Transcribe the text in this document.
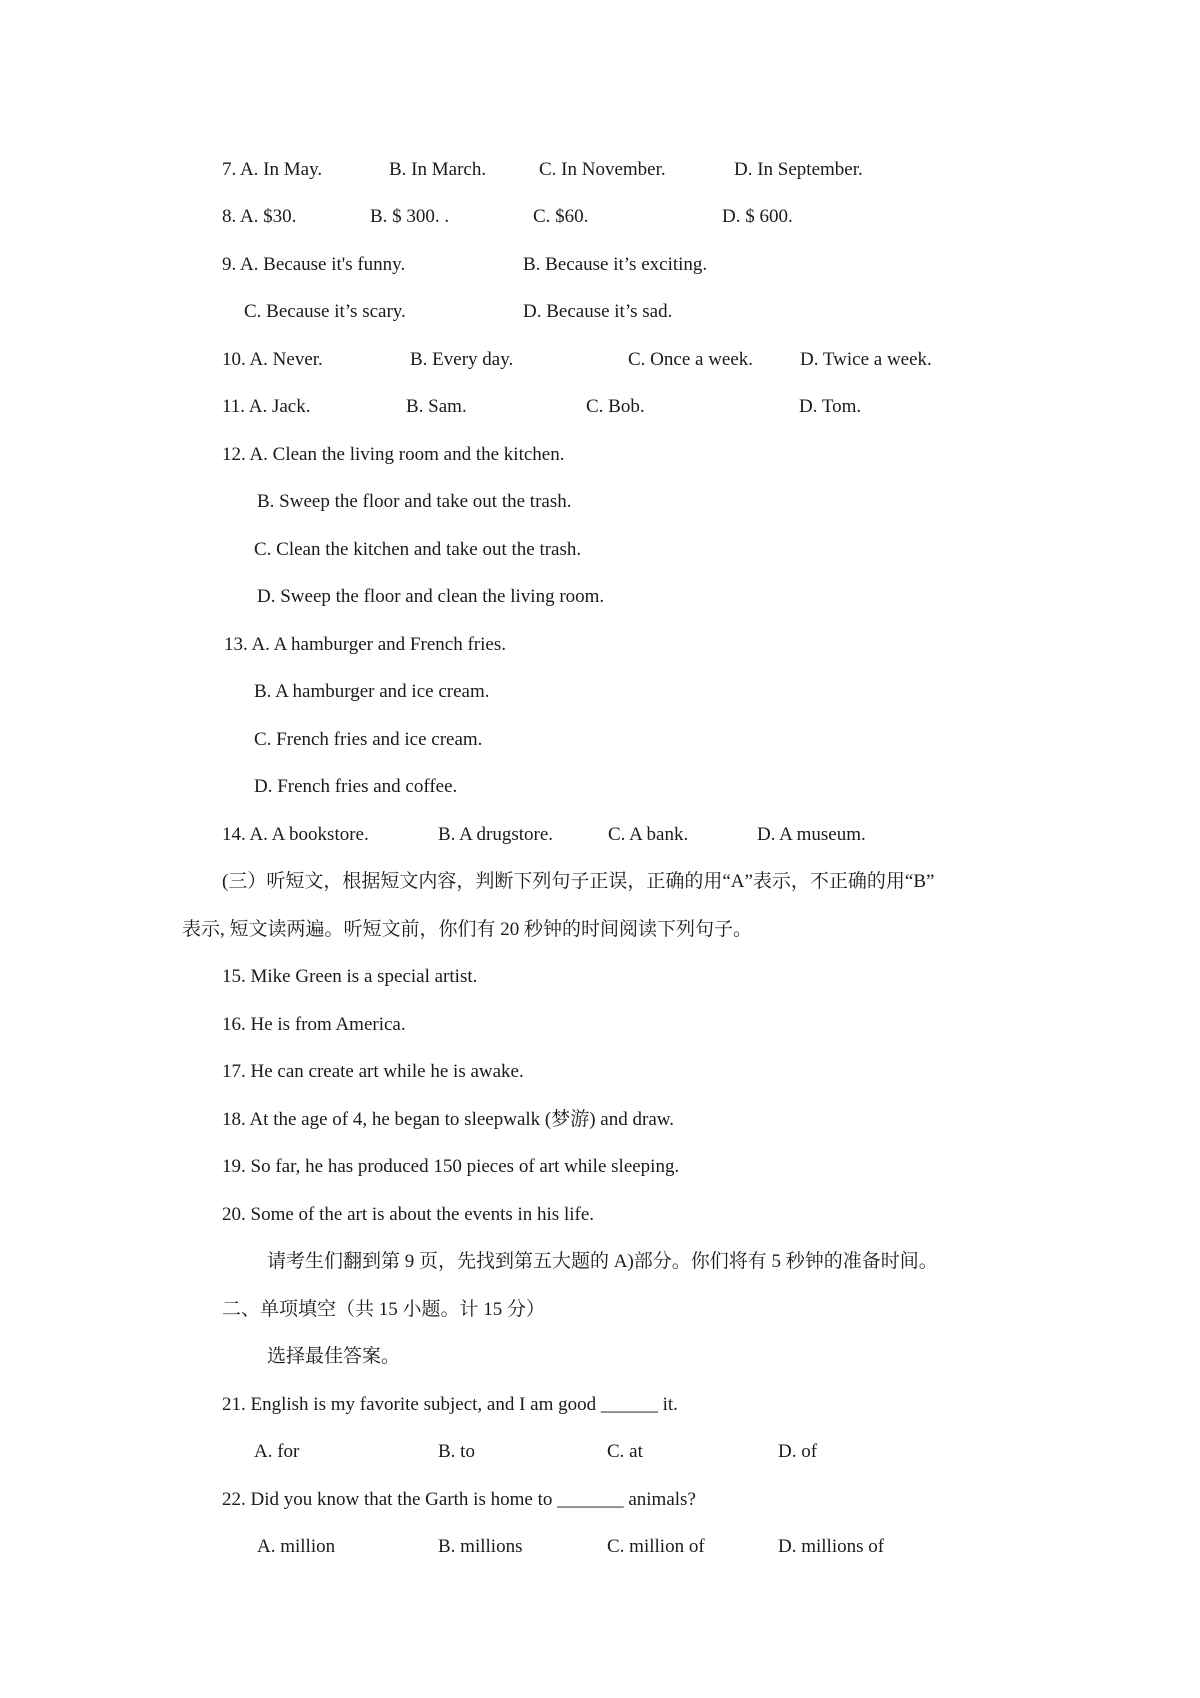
7. A. In May.	B. In March.	C. In November.	D. In September.
8. A. $30.	B. $ 300. .	C. $60.	D. $ 600.
9. A. Because it's funny.	B. Because it’s exciting.
C. Because it’s scary.	D. Because it’s sad.
10. A. Never.	B. Every day.	C. Once a week. D. Twice a week.
11. A. Jack.	B. Sam.	C. Bob.	D. Tom.
12. A. Clean the living room and the kitchen.
B. Sweep the floor and take out the trash.
C. Clean the kitchen and take out the trash.
D. Sweep the floor and clean the living room.
13. A. A hamburger and French fries.
B. A hamburger and ice cream.
C. French fries and ice cream.
D. French fries and coffee.
14. A. A bookstore.	B. A drugstore.	C. A bank.	D. A museum.
(三）听短文，根据短文内容，判断下列句子正误，正确的用“A”表示，不正确的用“B”
表示, 短文读两遍。听短文前，你们有 20 秒钟的时间阅读下列句子。
15. Mike Green is a special artist.
16. He is from America.
17. He can create art while he is awake.
18. At the age of 4, he began to sleepwalk (梦游) and draw.
19. So far, he has produced 150 pieces of art while sleeping.
20. Some of the art is about the events in his life.
请考生们翻到第 9 页，先找到第五大题的 A)部分。你们将有 5 秒钟的准备时间。
二、单项填空（共 15 小题。计 15 分）
选择最佳答案。
21. English is my favorite subject, and I am good ______ it.
A. for	B. to	C. at	D. of
22. Did you know that the Garth is home to _______ animals?
A. million	B. millions	C. million of	D. millions of
